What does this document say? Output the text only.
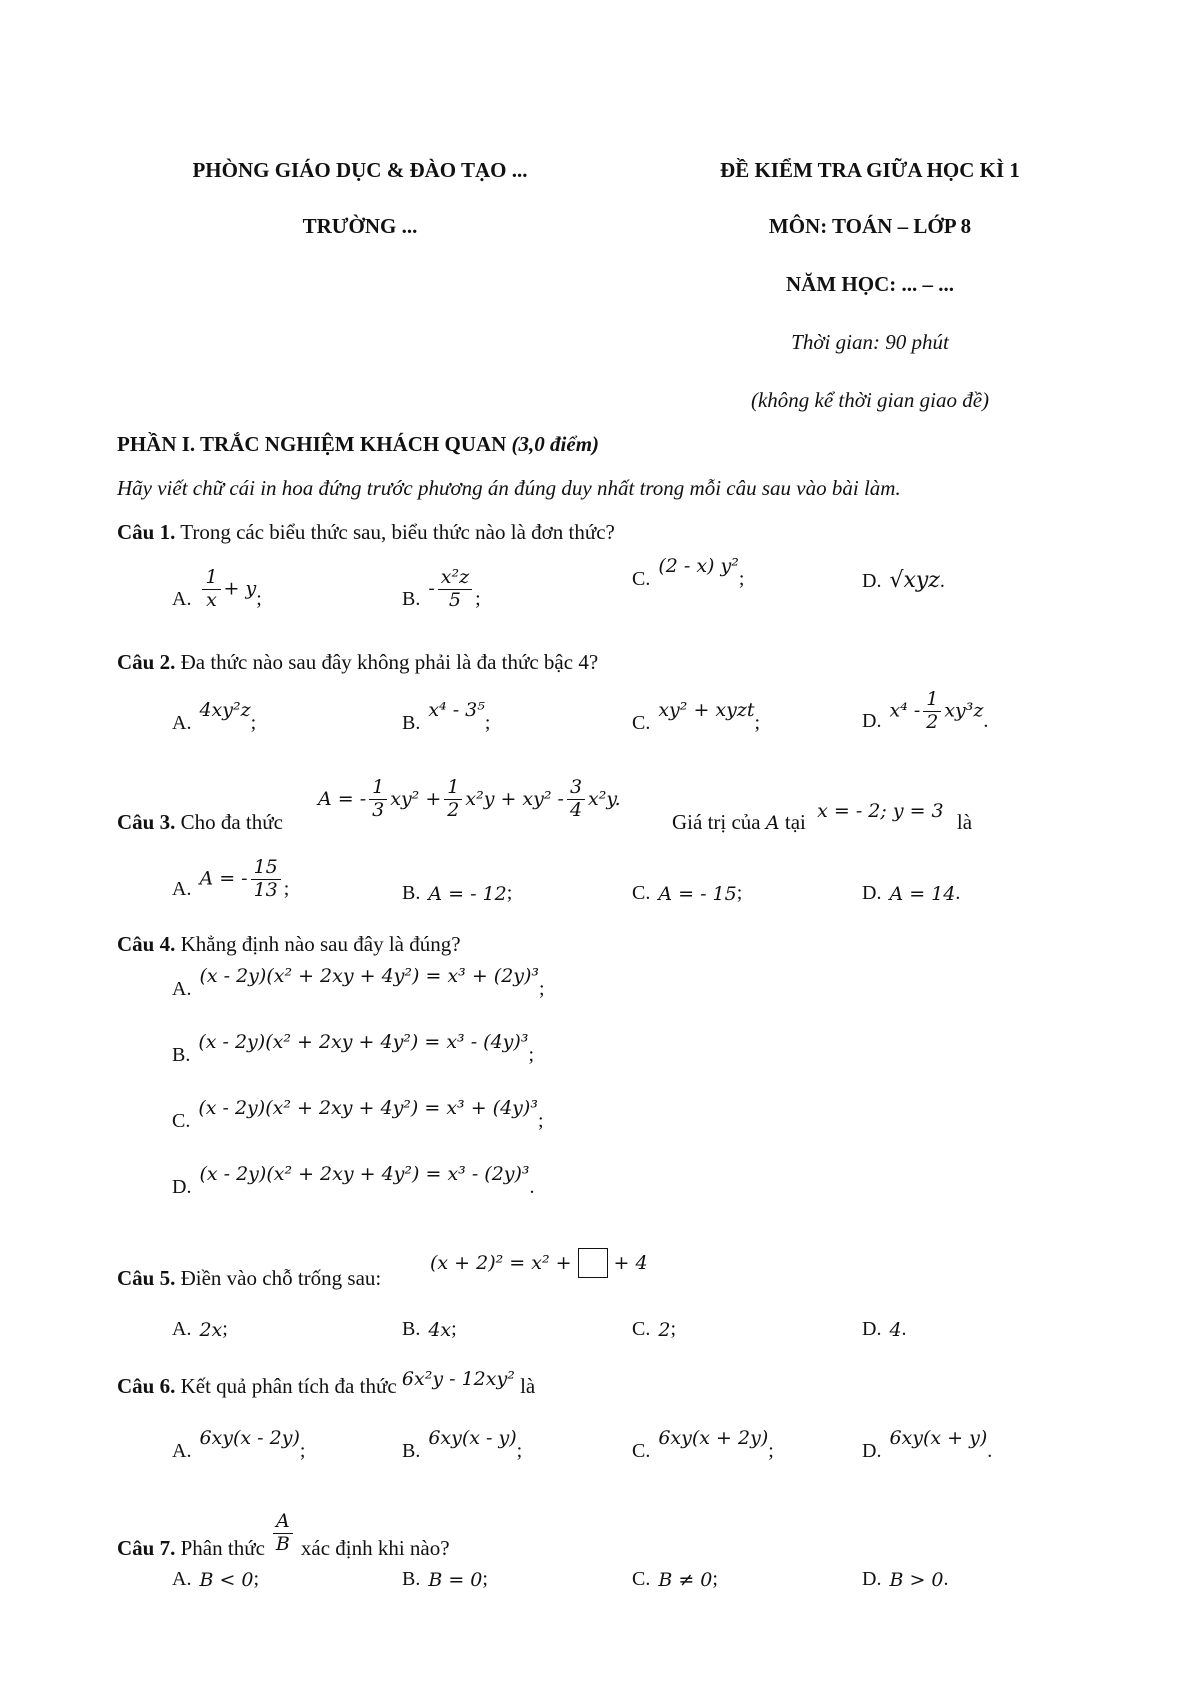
PHÒNG GIÁO DỤC & ĐÀO TẠO ...
TRƯỜNG ...
ĐỀ KIỂM TRA GIỮA HỌC KÌ 1
MÔN: TOÁN – LỚP 8
NĂM HỌC: ... – ...
Thời gian: 90 phút
(không kể thời gian giao đề)
PHẦN I. TRẮC NGHIỆM KHÁCH QUAN (3,0 điểm)
Hãy viết chữ cái in hoa đứng trước phương án đúng duy nhất trong mỗi câu sau vào bài làm.
Câu 1. Trong các biểu thức sau, biểu thức nào là đơn thức?
A. $\frac{1}{x} + y$ ;	B. - $\frac{\text{x²z}}{5}$ ;
C.
(2 - x) y²
;	D. √xyz .
Câu 2. Đa thức nào sau đây không phải là đa thức bậc 4?
A.
4xy²z
;	B.
x⁴ - 3⁵
;	C.
xy² + xyzt
;	D. $x^4 - \frac{1}{2} xy^3z$ .
Câu 3. Cho đa thức
A = -
1
3 $xy^2 + \frac{1}{2} x^2y + xy^2$ -
3
4 x²y.
Giá trị của A tại x = - 2; y = 3 là
A. A = - $\frac{15}{13}$ ;	B. A = - 12 ;	C. A = - 15 ;	D. A = 14 .
Câu 4. Khẳng định nào sau đây là đúng?
A.
(x - 2y)(x² + 2xy + 4y²) = x³ + (2y)³
;
B.
(x - 2y)(x² + 2xy + 4y²) = x³ - (4y)³
;
C.
(x - 2y)(x² + 2xy + 4y²) = x³ + (4y)³
;
D.
(x - 2y)(x² + 2xy + 4y²) = x³ - (2y)³
.
Câu 5. Điền vào chỗ trống sau:
(x + 2)² = x² + + 4
A. 2x ;	B. 4x ;	C. 2 ;	D. 4 .
Câu 6. Kết quả phân tích đa thức 6x²y - 12xy² là
A.
6xy(x - 2y)
;	B.
6xy(x - y)
;	C.
6xy(x + 2y)
;	D.
6xy(x + y)
.
Câu 7.
Phân thức
A
B xác định khi nào?
A. B < 0 ;	B. B = 0 ;	C. B ≠ 0 ;	D. B > 0 .
